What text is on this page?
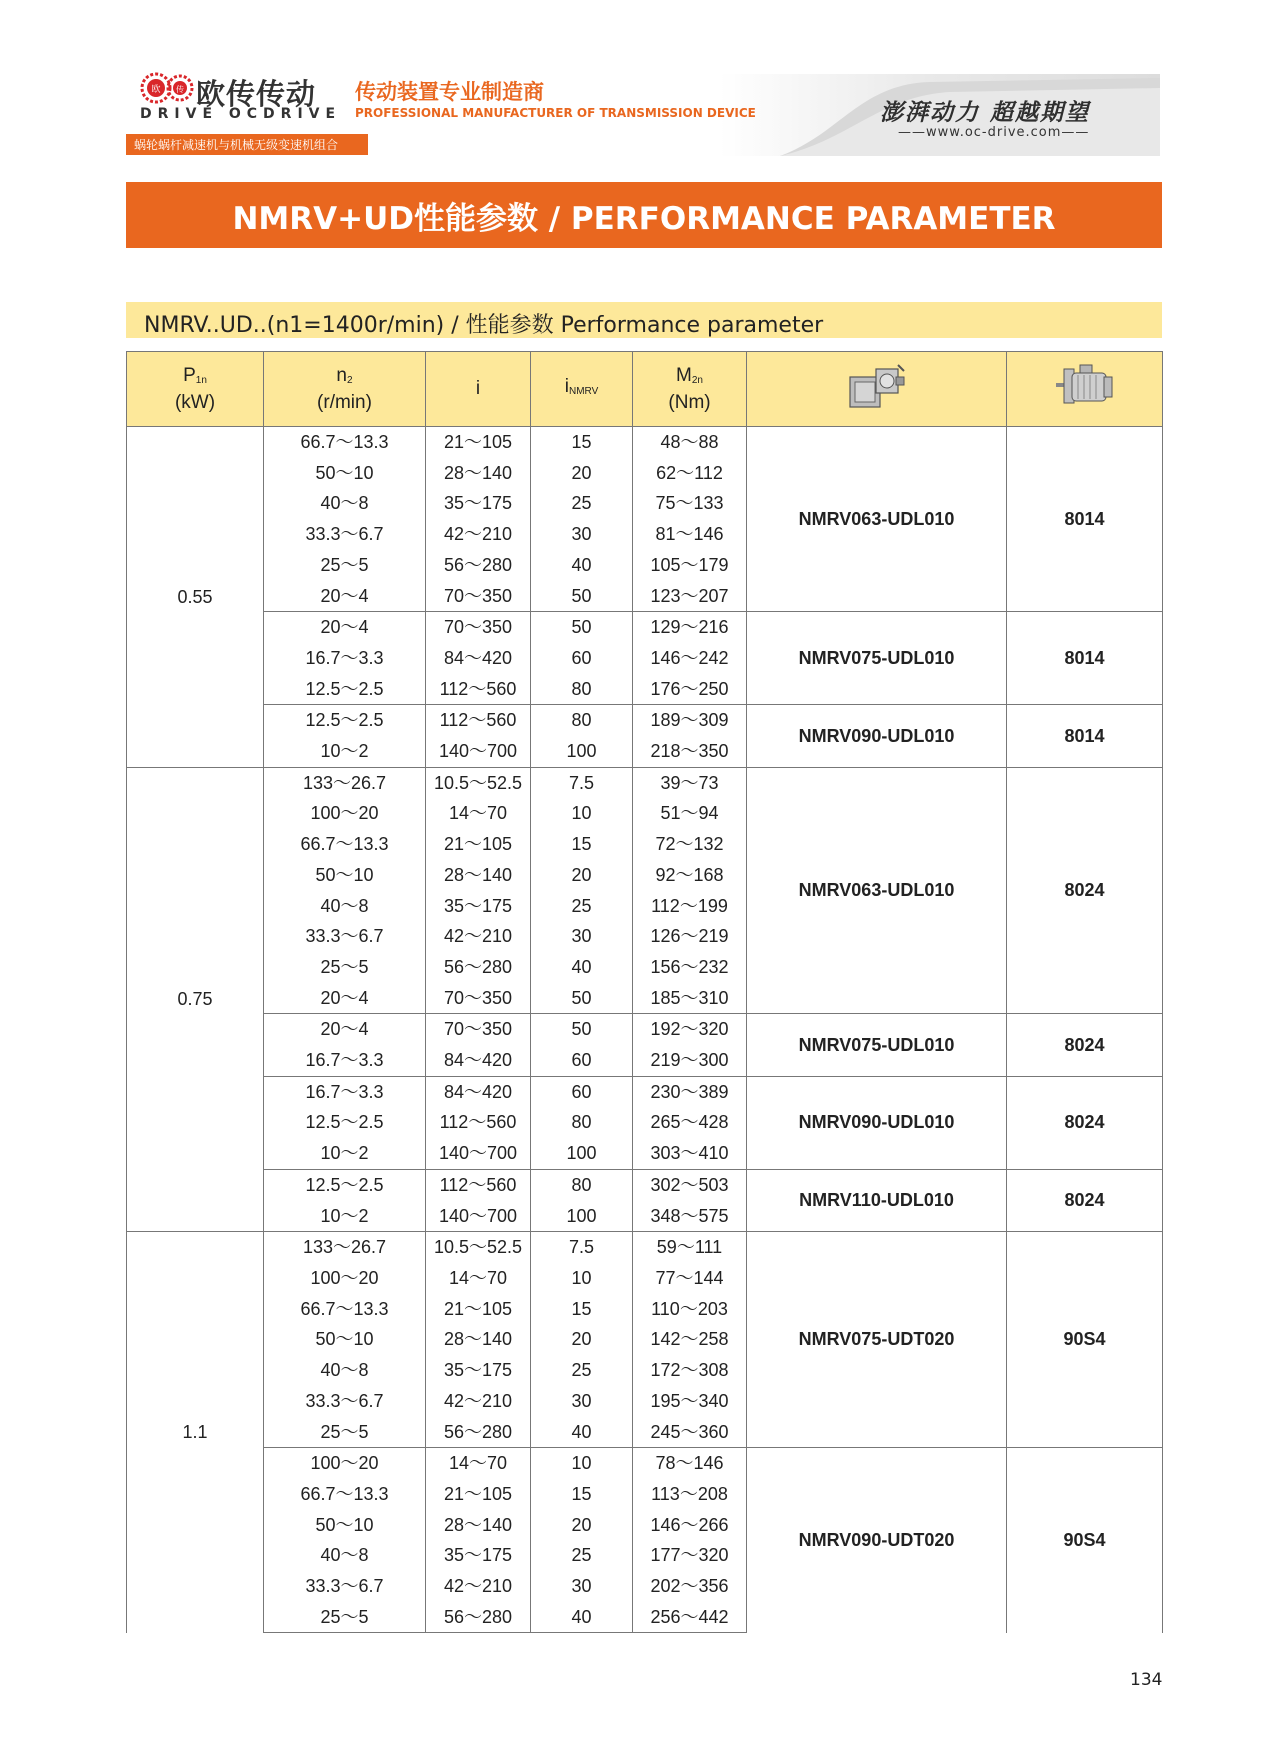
欧 传 欧传传动
DRIVE OCDRIVE
传动装置专业制造商
PROFESSIONAL MANUFACTURER OF TRANSMISSION DEVICE	澎湃动力 超越期望
——www.oc-drive.com——
蜗轮蜗杆减速机与机械无级变速机组合
NMRV+UD性能参数 / PERFORMANCE PARAMETER
NMRV..UD..(n1=1400r/min) / 性能参数 Performance parameter
$P_{1n}$
(kW)	$n_2$
(r/min)	i	$i_{NMRV}$	$M_{2n}$
(Nm)		
0.55	66.7～13.3	21～105	15	48～88	NMRV063-UDL010	8014
	50～10	28～140	20	62～112		
	40～8	35～175	25	75～133		
	33.3～6.7	42～210	30	81～146		
	25～5	56～280	40	105～179		
	20～4	70～350	50	123～207		
	20～4	70～350	50	129～216	NMRV075-UDL010	8014
	16.7～3.3	84～420	60	146～242		
	12.5～2.5	112～560	80	176～250		
	12.5～2.5	112～560	80	189～309	NMRV090-UDL010	8014
	10～2	140～700	100	218～350		
0.75	133～26.7	10.5～52.5	7.5	39～73	NMRV063-UDL010	8024
	100～20	14～70	10	51～94		
	66.7～13.3	21～105	15	72～132		
	50～10	28～140	20	92～168		
	40～8	35～175	25	112～199		
	33.3～6.7	42～210	30	126～219		
	25～5	56～280	40	156～232		
	20～4	70～350	50	185～310		
	20～4	70～350	50	192～320	NMRV075-UDL010	8024
	16.7～3.3	84～420	60	219～300		
	16.7～3.3	84～420	60	230～389	NMRV090-UDL010	8024
	12.5～2.5	112～560	80	265～428		
	10～2	140～700	100	303～410		
	12.5～2.5	112～560	80	302～503	NMRV110-UDL010	8024
	10～2	140～700	100	348～575		
1.1	133～26.7	10.5～52.5	7.5	59～111	NMRV075-UDT020	90S4
	100～20	14～70	10	77～144		
	66.7～13.3	21～105	15	110～203		
	50～10	28～140	20	142～258		
	40～8	35～175	25	172～308		
	33.3～6.7	42～210	30	195～340		
	25～5	56～280	40	245～360		
	100～20	14～70	10	78～146	NMRV090-UDT020	90S4
	66.7～13.3	21～105	15	113～208		
	50～10	28～140	20	146～266		
	40～8	35～175	25	177～320		
	33.3～6.7	42～210	30	202～356		
	25～5	56～280	40	256～442		
134
